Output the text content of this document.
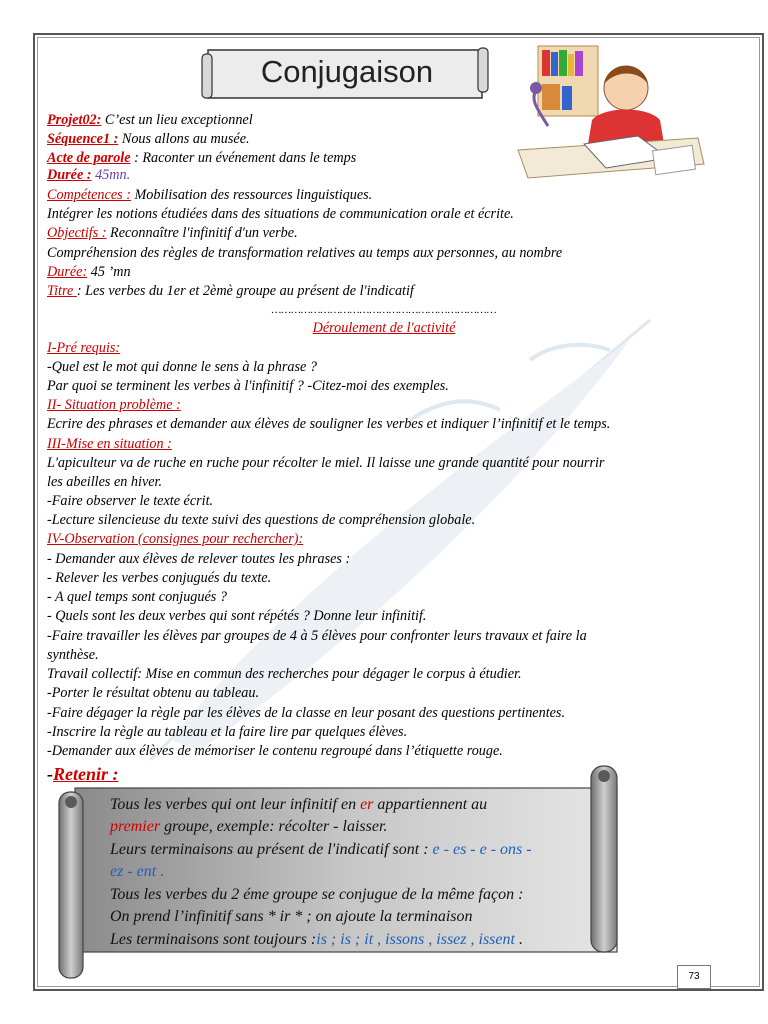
Conjugaison
Projet02: C’est un lieu exceptionnel
Séquence1 : Nous allons au musée.
Acte de parole : Raconter un événement dans le temps
Durée : 45mn.
Compétences : Mobilisation des ressources linguistiques.
Intégrer les notions étudiées dans des situations de communication orale et écrite.
Objectifs : Reconnaître l'infinitif d'un verbe.
Compréhension des règles de transformation relatives au temps aux personnes, au nombre
Durée: 45 ’mn
Titre : Les verbes du 1er et 2èmè groupe au présent de l'indicatif
……………………………………………………………
Déroulement de l'activité
I-Pré requis:
-Quel est le mot qui donne le sens à la phrase ?
Par quoi se terminent les verbes à l'infinitif ? -Citez-moi des exemples.
II- Situation problème :
Ecrire des phrases et demander aux élèves de souligner les verbes et indiquer l’infinitif et le temps.
III-Mise en situation :
L'apiculteur va de ruche en ruche pour récolter le miel. Il laisse une grande quantité pour nourrir
les abeilles en hiver.
-Faire observer le texte écrit.
-Lecture silencieuse du texte suivi des questions de compréhension globale.
IV-Observation (consignes pour rechercher):
- Demander aux élèves de relever toutes les phrases :
- Relever les verbes conjugués du texte.
- A quel temps sont conjugués ?
- Quels sont les deux verbes qui sont répétés ? Donne leur infinitif.
-Faire travailler les élèves par groupes de 4 à 5 élèves pour confronter leurs travaux et faire la
synthèse.
Travail collectif: Mise en commun des recherches pour dégager le corpus à étudier.
-Porter le résultat obtenu au tableau.
-Faire dégager la règle par les élèves de la classe en leur posant des questions pertinentes.
-Inscrire la règle au tableau et la faire lire par quelques élèves.
-Demander aux élèves de mémoriser le contenu regroupé dans l’étiquette rouge.
-Retenir :
Tous les verbes qui ont leur infinitif en er appartiennent au
premier groupe, exemple: récolter - laisser.
Leurs terminaisons au présent de l'indicatif sont : e - es - e - ons -
ez - ent .
Tous les verbes du 2 éme groupe se conjugue de la même façon :
On prend l’infinitif sans * ir * ; on ajoute la terminaison
Les terminaisons sont toujours :is ; is ; it , issons , issez , issent .
73
